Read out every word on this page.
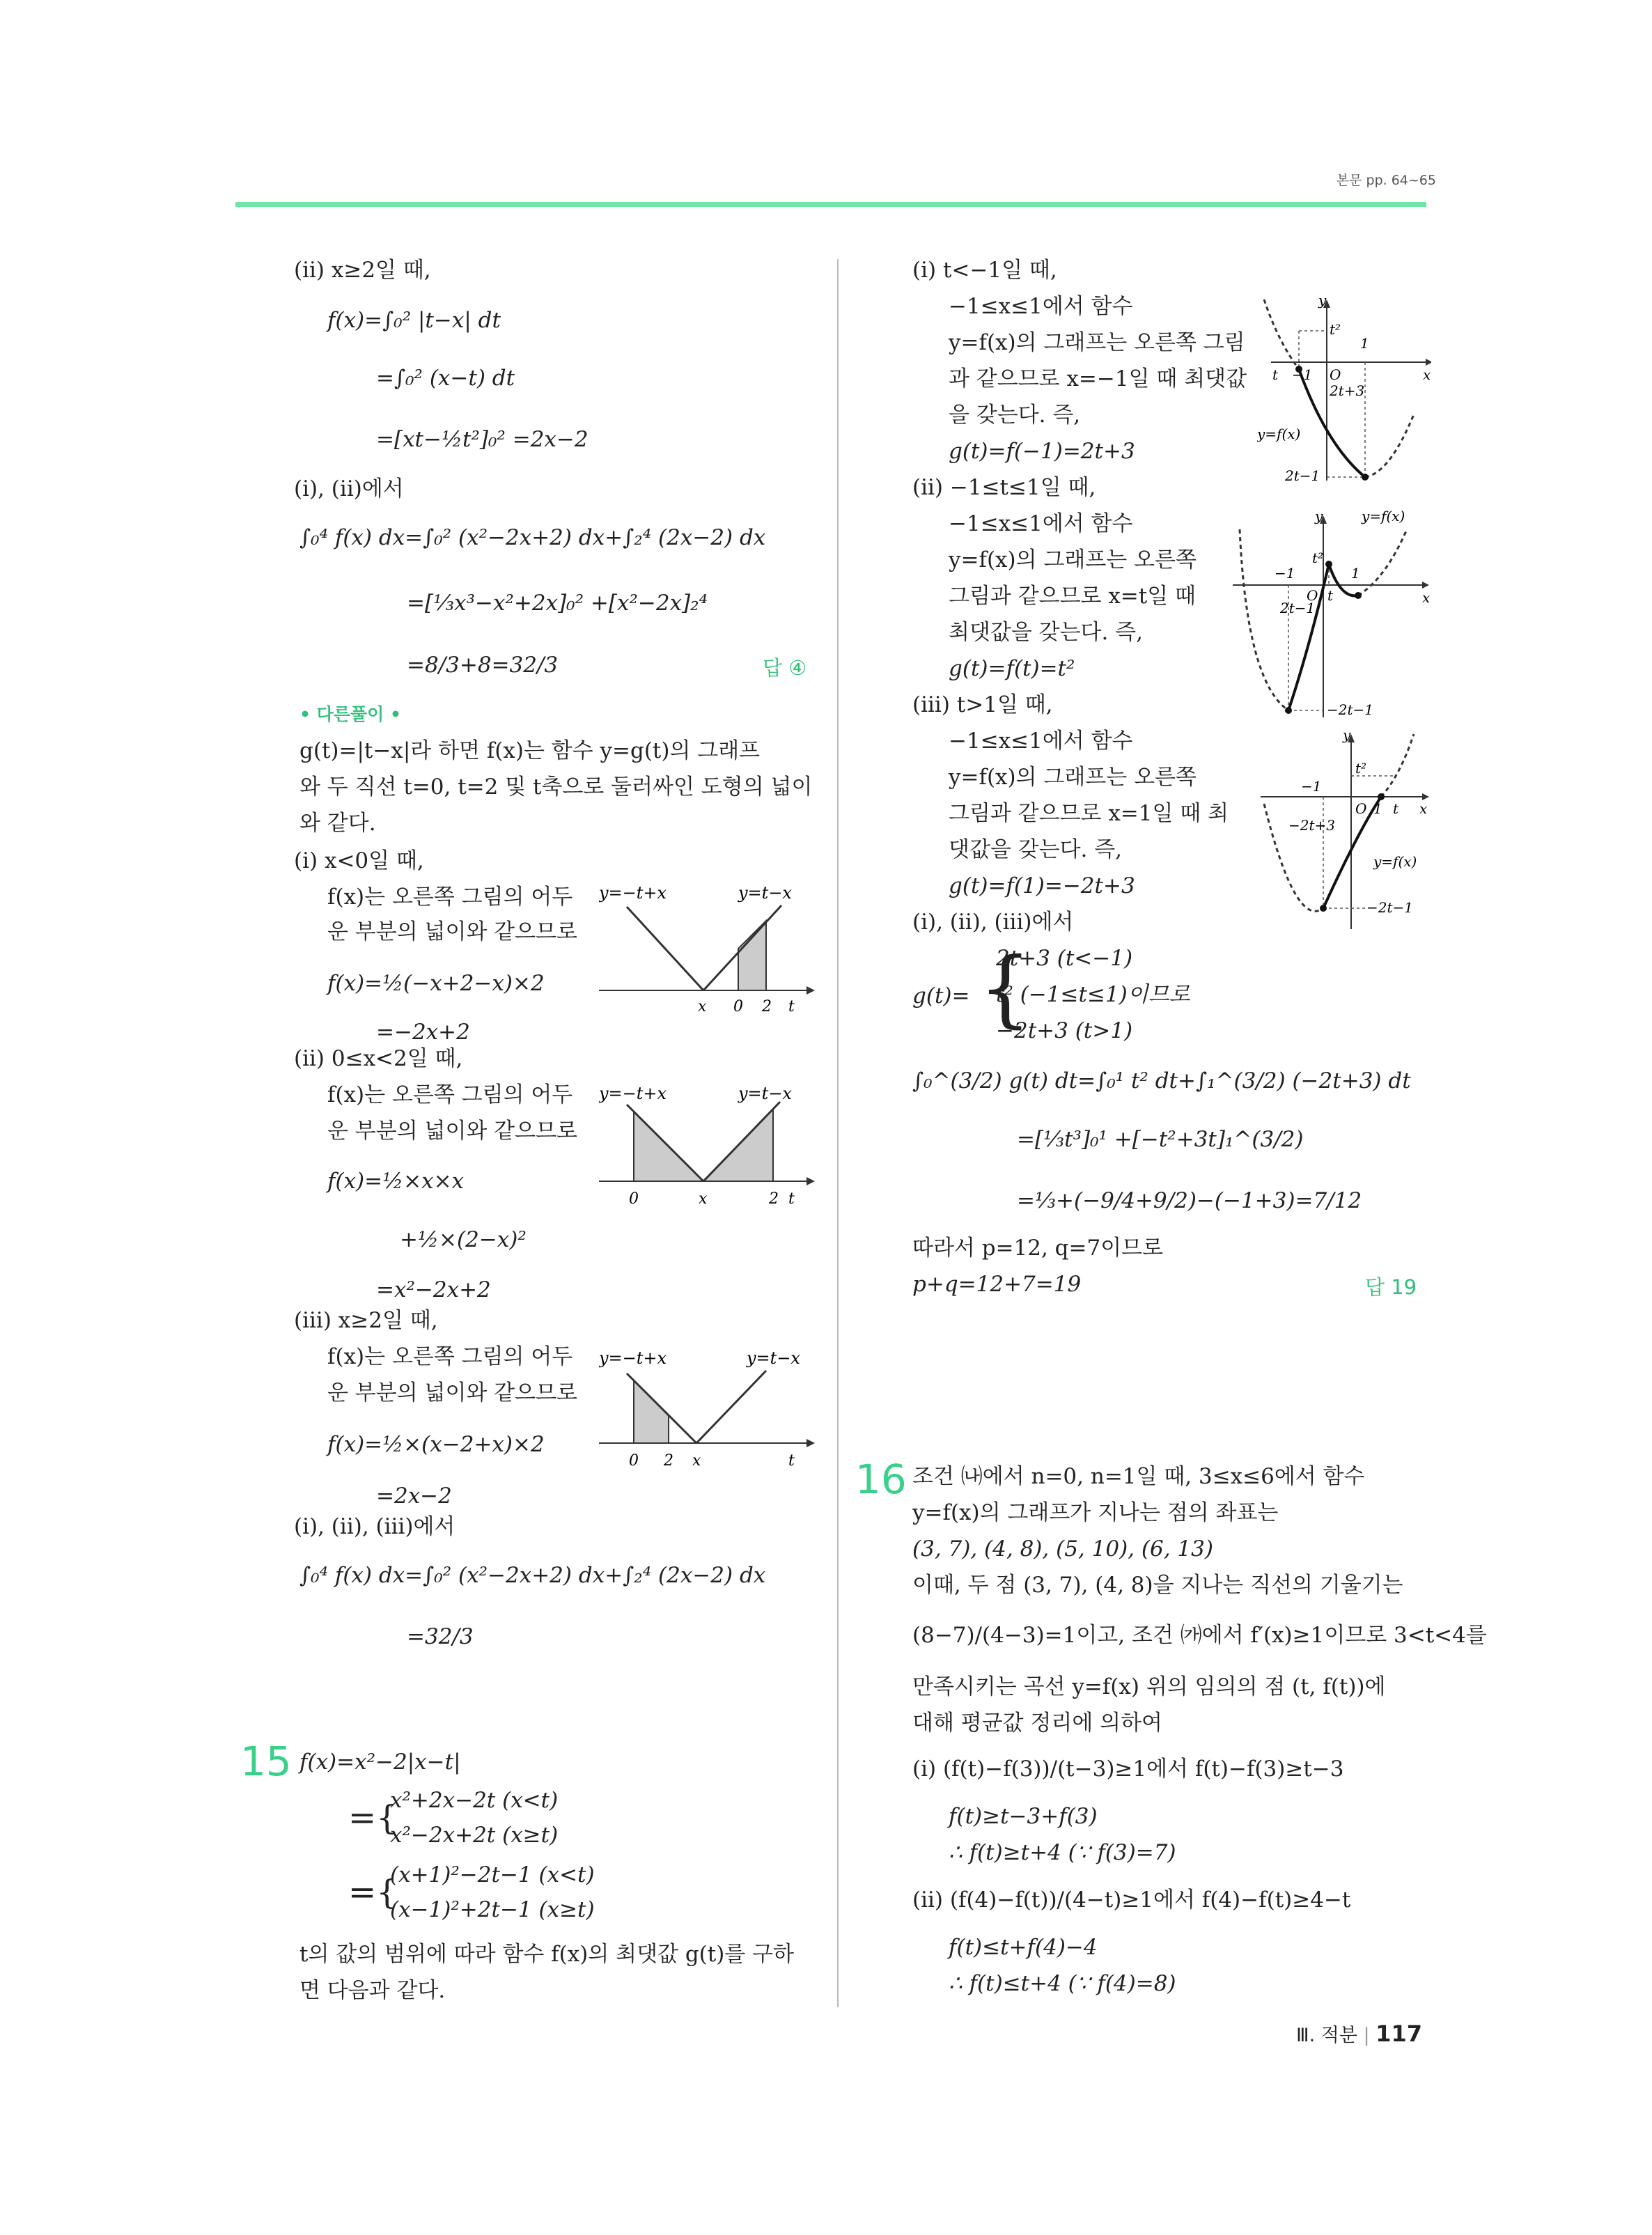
본문 pp. 64~65
(ii) x≥2일 때,
f(x)=∫₀² |t−x| dt
=∫₀² (x−t) dt
=[xt−½t²]₀² =2x−2
(i), (ii)에서
∫₀⁴ f(x) dx=∫₀² (x²−2x+2) dx+∫₂⁴ (2x−2) dx
=[⅓x³−x²+2x]₀² +[x²−2x]₂⁴
=8/3+8=32/3	답 ④
• 다른풀이 •
g(t)=|t−x|라 하면 f(x)는 함수 y=g(t)의 그래프
와 두 직선 t=0, t=2 및 t축으로 둘러싸인 도형의 넓이
와 같다.
(i) x<0일 때,
f(x)는 오른쪽 그림의 어두
운 부분의 넓이와 같으므로
f(x)=½(−x+2−x)×2
=−2x+2
y=−t+x	y=t−x
x 0 2 t
(ii) 0≤x<2일 때,
f(x)는 오른쪽 그림의 어두
운 부분의 넓이와 같으므로
f(x)=½×x×x
+½×(2−x)²
=x²−2x+2
y=−t+x	y=t−x
0	x	2 t
(iii) x≥2일 때,
f(x)는 오른쪽 그림의 어두
운 부분의 넓이와 같으므로
f(x)=½×(x−2+x)×2
=2x−2
y=−t+x	y=t−x
0 2 x	t
(i), (ii), (iii)에서
∫₀⁴ f(x) dx=∫₀² (x²−2x+2) dx+∫₂⁴ (2x−2) dx
=32/3
15 f(x)=x²−2|x−t|
={
x²+2x−2t (x<t)
x²−2x+2t (x≥t)
={
(x+1)²−2t−1 (x<t)
(x−1)²+2t−1 (x≥t)
t의 값의 범위에 따라 함수 f(x)의 최댓값 g(t)를 구하
면 다음과 같다.
(i) t<−1일 때,
−1≤x≤1에서 함수
y=f(x)의 그래프는 오른쪽 그림
과 같으므로 x=−1일 때 최댓값
을 갖는다. 즉,
g(t)=f(−1)=2t+3
y
t²
1
t −1 O	x
2t+3
y=f(x)
2t−1
(ii) −1≤t≤1일 때,
−1≤x≤1에서 함수
y=f(x)의 그래프는 오른쪽
그림과 같으므로 x=t일 때
최댓값을 갖는다. 즉,
g(t)=f(t)=t²
y	y=f(x)
−1
t²
1
x
O t
2t−1
−2t−1
(iii) t>1일 때,
−1≤x≤1에서 함수
y=f(x)의 그래프는 오른쪽
그림과 같으므로 x=1일 때 최
댓값을 갖는다. 즉,
g(t)=f(1)=−2t+3
y
−1
t²
O 1 t x
−2t+3
y=f(x)
−2t−1
(i), (ii), (iii)에서
g(t)= {
2t+3 (t<−1)
t² (−1≤t≤1)이므로
−2t+3 (t>1)
∫₀^(3/2) g(t) dt=∫₀¹ t² dt+∫₁^(3/2) (−2t+3) dt
=[⅓t³]₀¹ +[−t²+3t]₁^(3/2)
=⅓+(−9/4+9/2)−(−1+3)=7/12
따라서 p=12, q=7이므로
p+q=12+7=19	답 19
16 조건 ㈏에서 n=0, n=1일 때, 3≤x≤6에서 함수
y=f(x)의 그래프가 지나는 점의 좌표는
(3, 7), (4, 8), (5, 10), (6, 13)
이때, 두 점 (3, 7), (4, 8)을 지나는 직선의 기울기는
(8−7)/(4−3)=1이고, 조건 ㈎에서 f′(x)≥1이므로 3<t<4를
만족시키는 곡선 y=f(x) 위의 임의의 점 (t, f(t))에
대해 평균값 정리에 의하여
(i) (f(t)−f(3))/(t−3)≥1에서 f(t)−f(3)≥t−3
f(t)≥t−3+f(3)
∴ f(t)≥t+4 (∵ f(3)=7)
(ii) (f(4)−f(t))/(4−t)≥1에서 f(4)−f(t)≥4−t
f(t)≤t+f(4)−4
∴ f(t)≤t+4 (∵ f(4)=8)
Ⅲ. 적분 | 117
